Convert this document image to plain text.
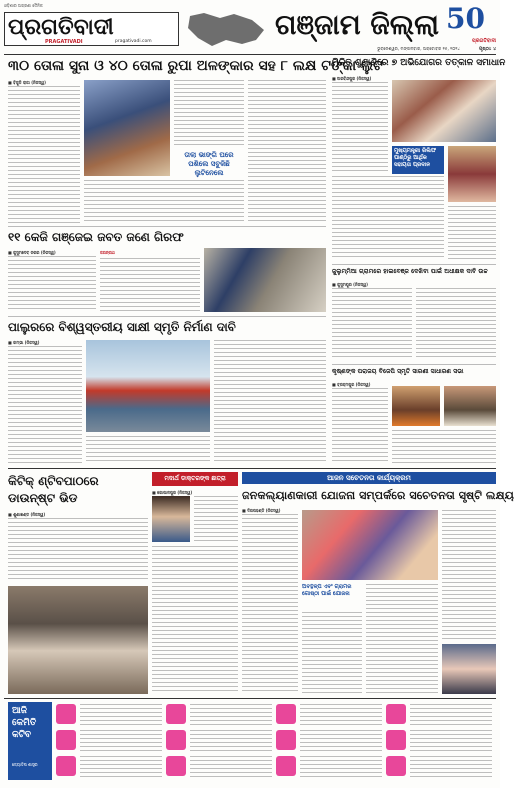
ଓଡ଼ିଶାର ଅଗ୍ରଣୀ ଦୈନିକ
ପ୍ରଗତିବାଦୀ
PRAGATIVADI	pragativadi.com
ଗଞ୍ଜାମ ଜିଲ୍ଲା 50
ପ୍ରଗତିବାଦୀ
ଭୁବନେଶ୍ୱର, ମଙ୍ଗଳବାର, ଅକ୍ଟୋବର ୧୫, ୨୦୨୪	ପୃଷ୍ଠା: ୪
୩୦ ତୋଳା ସୁନା ଓ ୪୦ ତୋଳା ରୁପା ଅଳଙ୍କାର ସହ ୮ ଲକ୍ଷ ଟଙ୍କା ଲୁଟ
■ ବିଜୁଳି ରାଜା (ନିଜସ୍ୱ)
ତାଲା ଭାଙ୍ଗି ଘରେ ପଶିଲେ ସବୁକିଛି ଲୁଟିନେଲେ
ମିଳିତ ଶୁଣାଣିରେ ୭ ଅଭିଯୋଗର ତତ୍କାଳ ସମାଧାନ
■ ଅରବିନ୍ଦପୁର (ନିଜସ୍ୱ)
ମୁଖ୍ୟମନ୍ତ୍ରୀ ରିଲିଫ ପାଣ୍ଠିରୁ ଆର୍ଥିକ ସହାୟତା ପ୍ରଦାନ
୧୧ କେଜି ଗଞ୍ଜେଇ ଜବତ ଜଣେ ଗିରଫ
■ କୁସୁମଦେବ ନଗର (ନିଜସ୍ୱ)	ଜଗନ୍ନାଥ
ଜୁଲୁମ୍ମିଆ ଗ୍ରାମରେ ହାଇବେଞ୍ଜ ଦେଖିବା ପାଇଁ ଅଧୀକ୍ଷକ ଦାବି ଉଚ୍ଚ
■ କୁସୁମପୁର (ନିଜସ୍ୱ)
ପାଲୁରରେ ବିଶ୍ୱସ୍ତରୀୟ ସାକ୍ଷୀ ସ୍ମୃତି ନିର୍ମାଣ ଦାବି
■ ରମ୍ଭା (ନିଜସ୍ୱ)
କୃଷ୍ଣଙ୍କ ପରାଜୟ ବିଜେପି ସ୍ମୃତି ସାରଣୀ ସାଧାରଣ ସଭା
■ ବ୍ରହ୍ମପୁର (ନିଜସ୍ୱ)
କିଟିକ୍ ଣ୍ଟିବପାଠରେ
ଡାଉନ୍ଷ୍ଟ ଭିଡ
■ ଶୁଣାଖଣ୍ଡ (ନିଜସ୍ୱ)
ମଦାର୍ଥ ଡାକ୍ତରଙ୍କ ଛାତ୍ରା
■ ଗୋପାଳପୁର (ନିଜସ୍ୱ)
ଆଜନ ସଚେତନତା କାର୍ଯ୍ୟକ୍ରମ
ଜନକଲ୍ୟାଣକାରୀ ଯୋଜନା ସମ୍ପର୍କରେ ସଚେତନତା ସୃଷ୍ଟି ଲକ୍ଷ୍ୟ
■ ଦିଗପହଣ୍ଡି (ନିଜସ୍ୱ)
ଅବନ୍ଥଳ୍ପ ଏବଂ ଗ୍ରାମର ଗୋଷ୍ଠୀ ପାଇଁ ଯୋଜନା
ଆଜି
କେମିତି
କଟିବ
ଜ୍ୟୋତିଷ ଶାସ୍ତ୍ର
